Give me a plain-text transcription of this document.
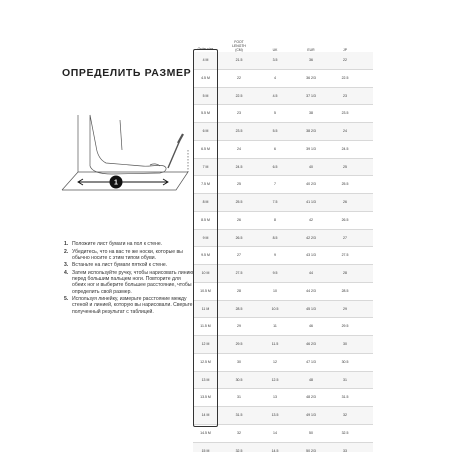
ОПРЕДЕЛИТЬ РАЗМЕР
1
1. Положите лист бумаги на пол к стене.
2. Убедитесь, что на вас те же носки, которые вы обычно носите с этим типом обуви.
3. Встаньте на лист бумаги пяткой к стене.
4. Затем используйте ручку, чтобы нарисовать линию перед большим пальцем ноги. Повторите для обеих ног и выберите большее расстояние, чтобы определить свой размер.
5. Используя линейку, измерьте расстояние между стеной и линией, которую вы нарисовали. Сверьте полученный результат с таблицей.
Order size
FOOT LENGTH
(CM)	UK	EUR	JP
4 M	21.5	3.5	36	22
4.5 M	22	4	36 2/3	22.5
5 M	22.5	4.5	37 1/3	23
5.5 M	23	5	38	23.5
6 M	23.5	5.5	38 2/3	24
6.5 M	24	6	39 1/3	24.5
7 M	24.5	6.5	40	25
7.5 M	25	7	40 2/3	25.5
8 M	25.5	7.5	41 1/3	26
8.5 M	26	8	42	26.5
9 M	26.5	8.5	42 2/3	27
9.5 M	27	9	43 1/3	27.5
10 M	27.5	9.5	44	28
10.5 M	28	10	44 2/3	28.5
11 M	28.5	10.5	45 1/3	29
11.5 M	29	11	46	29.5
12 M	29.5	11.5	46 2/3	30
12.5 M	30	12	47 1/3	30.5
13 M	30.5	12.5	48	31
13.5 M	31	13	48 2/3	31.5
14 M	31.5	13.5	49 1/3	32
14.5 M	32	14	50	32.5
15 M	32.5	14.5	50 2/3	33
